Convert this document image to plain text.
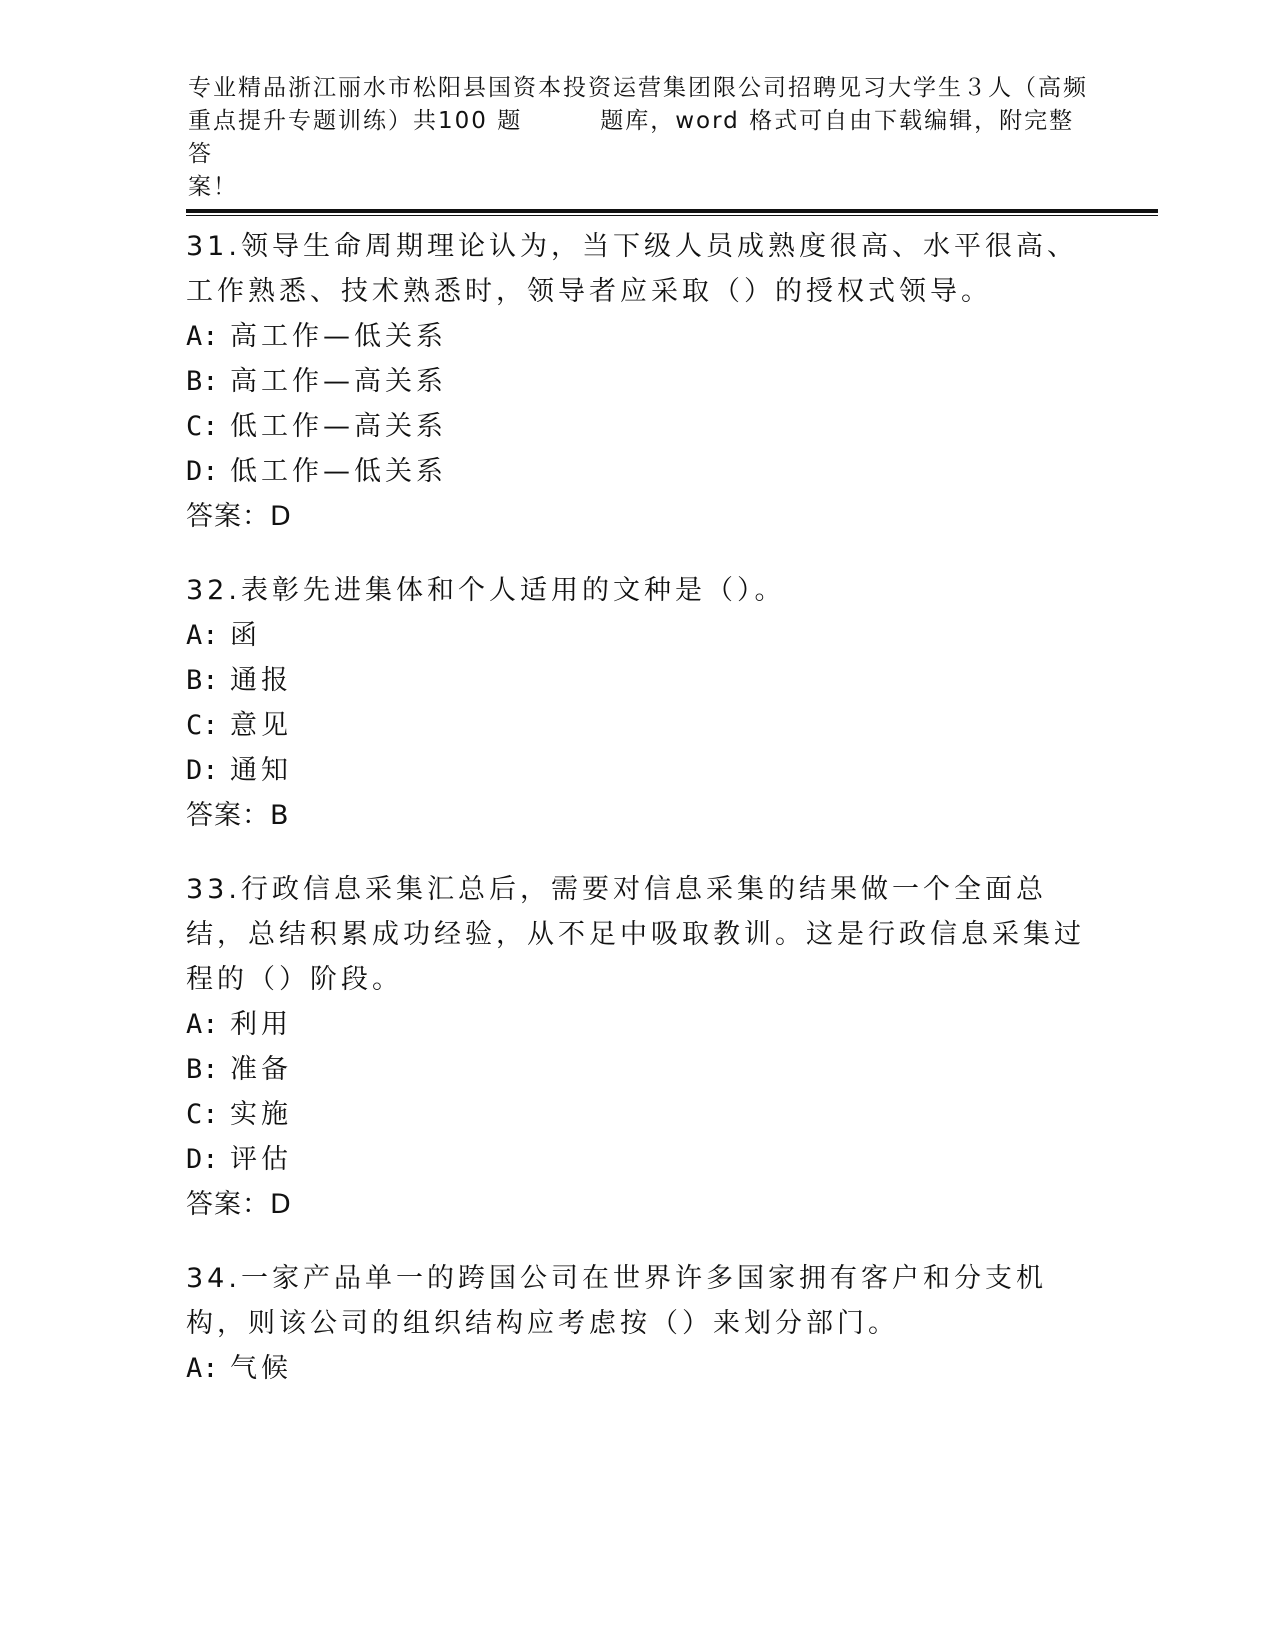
专业精品浙江丽水市松阳县国资本投资运营集团限公司招聘见习大学生３人（高频
重点提升专题训练）共100 题	题库，word 格式可自由下载编辑，附完整答
案！

31.领导生命周期理论认为，当下级人员成熟度很高、水平很高、工作熟悉、技术熟悉时，领导者应采取（）的授权式领导。

A: 高工作—低关系

B: 高工作—高关系

C: 低工作—高关系

D: 低工作—低关系

答案：D

32.表彰先进集体和个人适用的文种是（）。

A: 函

B: 通报

C: 意见

D: 通知

答案：B

33.行政信息采集汇总后，需要对信息采集的结果做一个全面总结，总结积累成功经验，从不足中吸取教训。这是行政信息采集过程的（）阶段。

A: 利用

B: 准备

C: 实施

D: 评估

答案：D

34.一家产品单一的跨国公司在世界许多国家拥有客户和分支机构，则该公司的组织结构应考虑按（）来划分部门。

A: 气候
